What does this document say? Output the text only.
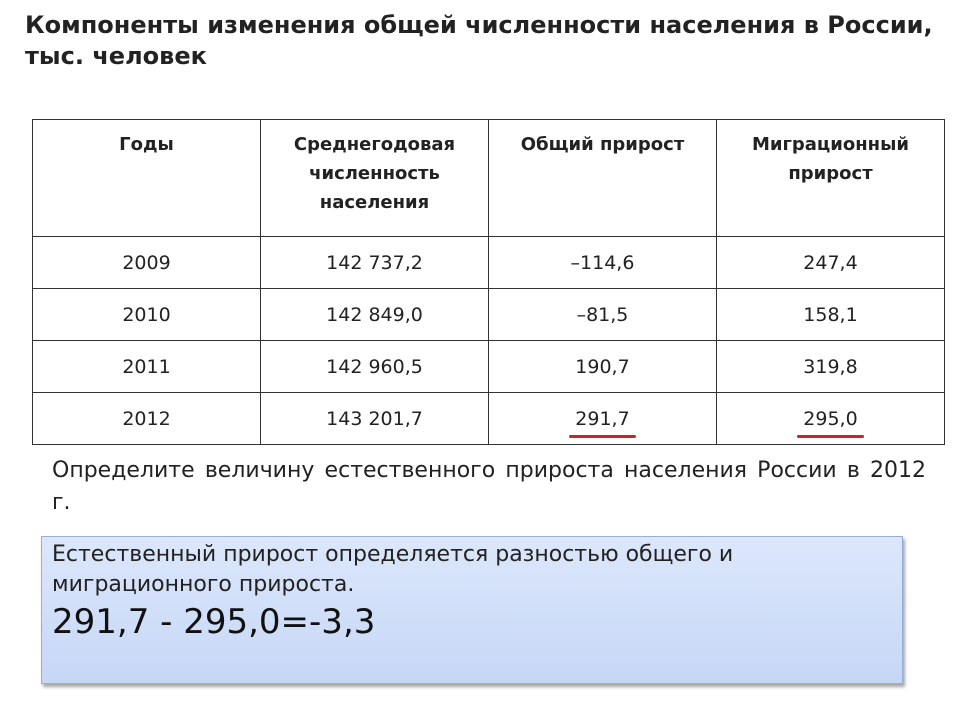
Компоненты изменения общей численности населения в России, тыс. человек
Годы	Среднегодовая численность населения	Общий прирост	Миграционный прирост
2009	142 737,2	–114,6	247,4
2010	142 849,0	–81,5	158,1
2011	142 960,5	190,7	319,8
2012	143 201,7	291,7	295,0
Определите величину естественного прироста населения России в 2012 г.
Естественный прирост определяется разностью общего и миграционного прироста.
291,7 - 295,0=-3,3
